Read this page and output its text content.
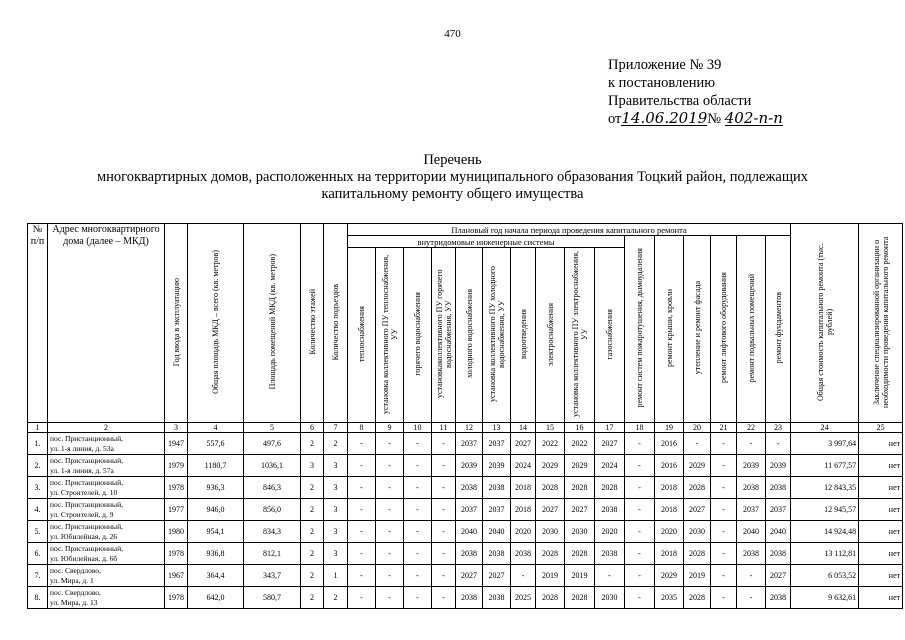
470
Приложение № 39
к постановлению
Правительства области
от14.06.2019№ 402-п-п
Перечень
многоквартирных домов, расположенных на территории муниципального образования Тоцкий район, подлежащих
капитальному ремонту общего имущества
№ п/п	Адрес многоквартирного дома (далее – МКД)	Год ввода в эксплуатацию	Общая площадь МКД – всего (кв. метров)	Площадь помещений МКД (кв. метров)	Количество этажей	Количество подъездов	Плановый год начала периода проведения капитального ремонта																Общая стоимость капитального ремонта (тыс. рублей)	Заключение специализированной организации о необходимости проведения капитального ремонта
							внутридомовые инженерные системы										ремонт систем пожаротушения, дымоудаления	ремонт крыши, кровли	утепление и ремонт фасада	ремонт лифтового оборудования	ремонт подвальных помещений	ремонт фундаментов		
							теплоснабжения	установка коллективного ПУ теплоснабжения, УУ	горячего водоснабжения	установкаколлективного ПУ горячего водоснабжения, УУ	холодного водоснабжения	установка коллективного ПУ холодного водоснабжения, УУ	водоотведения	электроснабжения	установка коллективного ПУ электроснабжения, УУ	газоснабжения								
1	2	3	4	5	6	7	8	9	10	11	12	13	14	15	16	17	18	19	20	21	22	23	24	25
1.	пос. Пристанционный,
ул. 1-я линия, д. 53а	1947	557,6	497,6	2	2	-	-	-	-	2037	2037	2027	2022	2022	2027	-	2016	-	-	-	-	3 997,64	нет
2.	пос. Пристанционный,
ул. 1-я линия, д. 57а	1979	1180,7	1036,1	3	3	-	-	-	-	2039	2039	2024	2029	2029	2024	-	2016	2029	-	2039	2039	11 677,57	нет
3.	пос. Пристанционный,
ул. Строителей, д. 10	1978	936,3	846,3	2	3	-	-	-	-	2038	2038	2018	2028	2028	2028	-	2018	2028	-	2038	2038	12 843,35	нет
4.	пос. Пристанционный,
ул. Строителей, д. 9	1977	946,0	856,0	2	3	-	-	-	-	2037	2037	2018	2027	2027	2038	-	2018	2027	-	2037	2037	12 945,57	нет
5.	пос. Пристанционный,
ул. Юбилейная, д. 26	1980	954,1	834,3	2	3	-	-	-	-	2040	2040	2020	2030	2030	2020	-	2020	2030	-	2040	2040	14 924,48	нет
6.	пос. Пристанционный,
ул. Юбилейная, д. 6б	1978	936,8	812,1	2	3	-	-	-	-	2038	2038	2038	2028	2028	2038	-	2018	2028	-	2038	2038	13 112,81	нет
7.	пос. Свердлово,
ул. Мира, д. 1	1967	364,4	343,7	2	1	-	-	-	-	2027	2027	-	2019	2019	-	-	2029	2019	-	-	2027	6 053,52	нет
8.	пос. Свердлово,
ул. Мира, д. 13	1978	642,0	580,7	2	2	-	-	-	-	2038	2038	2025	2028	2028	2030	-	2035	2028	-	-	2038	9 632,61	нет
